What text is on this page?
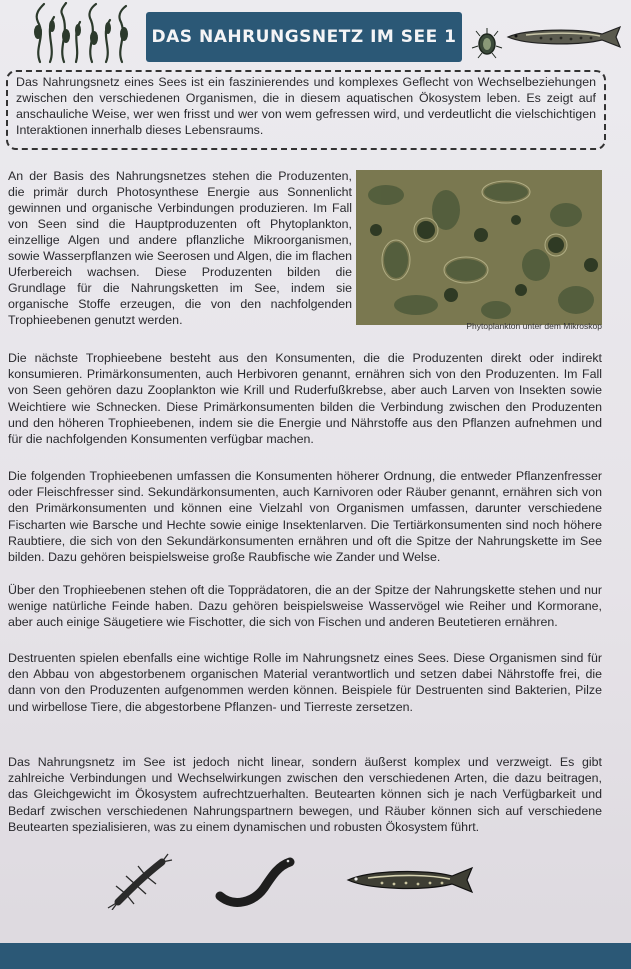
DAS NAHRUNGSNETZ IM SEE 1
Das Nahrungsnetz eines Sees ist ein faszinierendes und komplexes Geflecht von Wechselbeziehungen zwischen den verschiedenen Organismen, die in diesem aquatischen Ökosystem leben. Es zeigt auf anschauliche Weise, wer wen frisst und wer von wem gefressen wird, und verdeutlicht die vielschichtigen Interaktionen innerhalb dieses Lebensraums.
An der Basis des Nahrungsnetzes stehen die Produzenten, die primär durch Photosynthese Energie aus Sonnenlicht gewinnen und organische Verbindungen produzieren. Im Fall von Seen sind die Hauptproduzenten oft Phytoplankton, einzellige Algen und andere pflanzliche Mikroorganismen, sowie Wasserpflanzen wie Seerosen und Algen, die im flachen Uferbereich wachsen. Diese Produzenten bilden die Grundlage für die Nahrungsketten im See, indem sie organische Stoffe erzeugen, die von den nachfolgenden Trophieebenen genutzt werden.	Phytoplankton unter dem Mikroskop
Die nächste Trophieebene besteht aus den Konsumenten, die die Produzenten direkt oder indirekt konsumieren. Primärkonsumenten, auch Herbivoren genannt, ernähren sich von den Produzenten. Im Fall von Seen gehören dazu Zooplankton wie Krill und Ruderfußkrebse, aber auch Larven von Insekten sowie Weichtiere wie Schnecken. Diese Primärkonsumenten bilden die Verbindung zwischen den Produzenten und den höheren Trophieebenen, indem sie die Energie und Nährstoffe aus den Pflanzen aufnehmen und für die nachfolgenden Konsumenten verfügbar machen.
Die folgenden Trophieebenen umfassen die Konsumenten höherer Ordnung, die entweder Pflanzenfresser oder Fleischfresser sind. Sekundärkonsumenten, auch Karnivoren oder Räuber genannt, ernähren sich von den Primärkonsumenten und können eine Vielzahl von Organismen umfassen, darunter verschiedene Fischarten wie Barsche und Hechte sowie einige Insektenlarven. Die Tertiärkonsumenten sind noch höhere Raubtiere, die sich von den Sekundärkonsumenten ernähren und oft die Spitze der Nahrungskette im See bilden. Dazu gehören beispielsweise große Raubfische wie Zander und Welse.
Über den Trophieebenen stehen oft die Topprädatoren, die an der Spitze der Nahrungskette stehen und nur wenige natürliche Feinde haben. Dazu gehören beispielsweise Wasservögel wie Reiher und Kormorane, aber auch einige Säugetiere wie Fischotter, die sich von Fischen und anderen Beutetieren ernähren.
Destruenten spielen ebenfalls eine wichtige Rolle im Nahrungsnetz eines Sees. Diese Organismen sind für den Abbau von abgestorbenem organischen Material verantwortlich und setzen dabei Nährstoffe frei, die dann von den Produzenten aufgenommen werden können. Beispiele für Destruenten sind Bakterien, Pilze und wirbellose Tiere, die abgestorbene Pflanzen- und Tierreste zersetzen.
Das Nahrungsnetz im See ist jedoch nicht linear, sondern äußerst komplex und verzweigt. Es gibt zahlreiche Verbindungen und Wechselwirkungen zwischen den verschiedenen Arten, die dazu beitragen, das Gleichgewicht im Ökosystem aufrechtzuerhalten. Beutearten können sich je nach Verfügbarkeit und Bedarf zwischen verschiedenen Nahrungspartnern bewegen, und Räuber können sich auf verschiedene Beutearten spezialisieren, was zu einem dynamischen und robusten Ökosystem führt.
